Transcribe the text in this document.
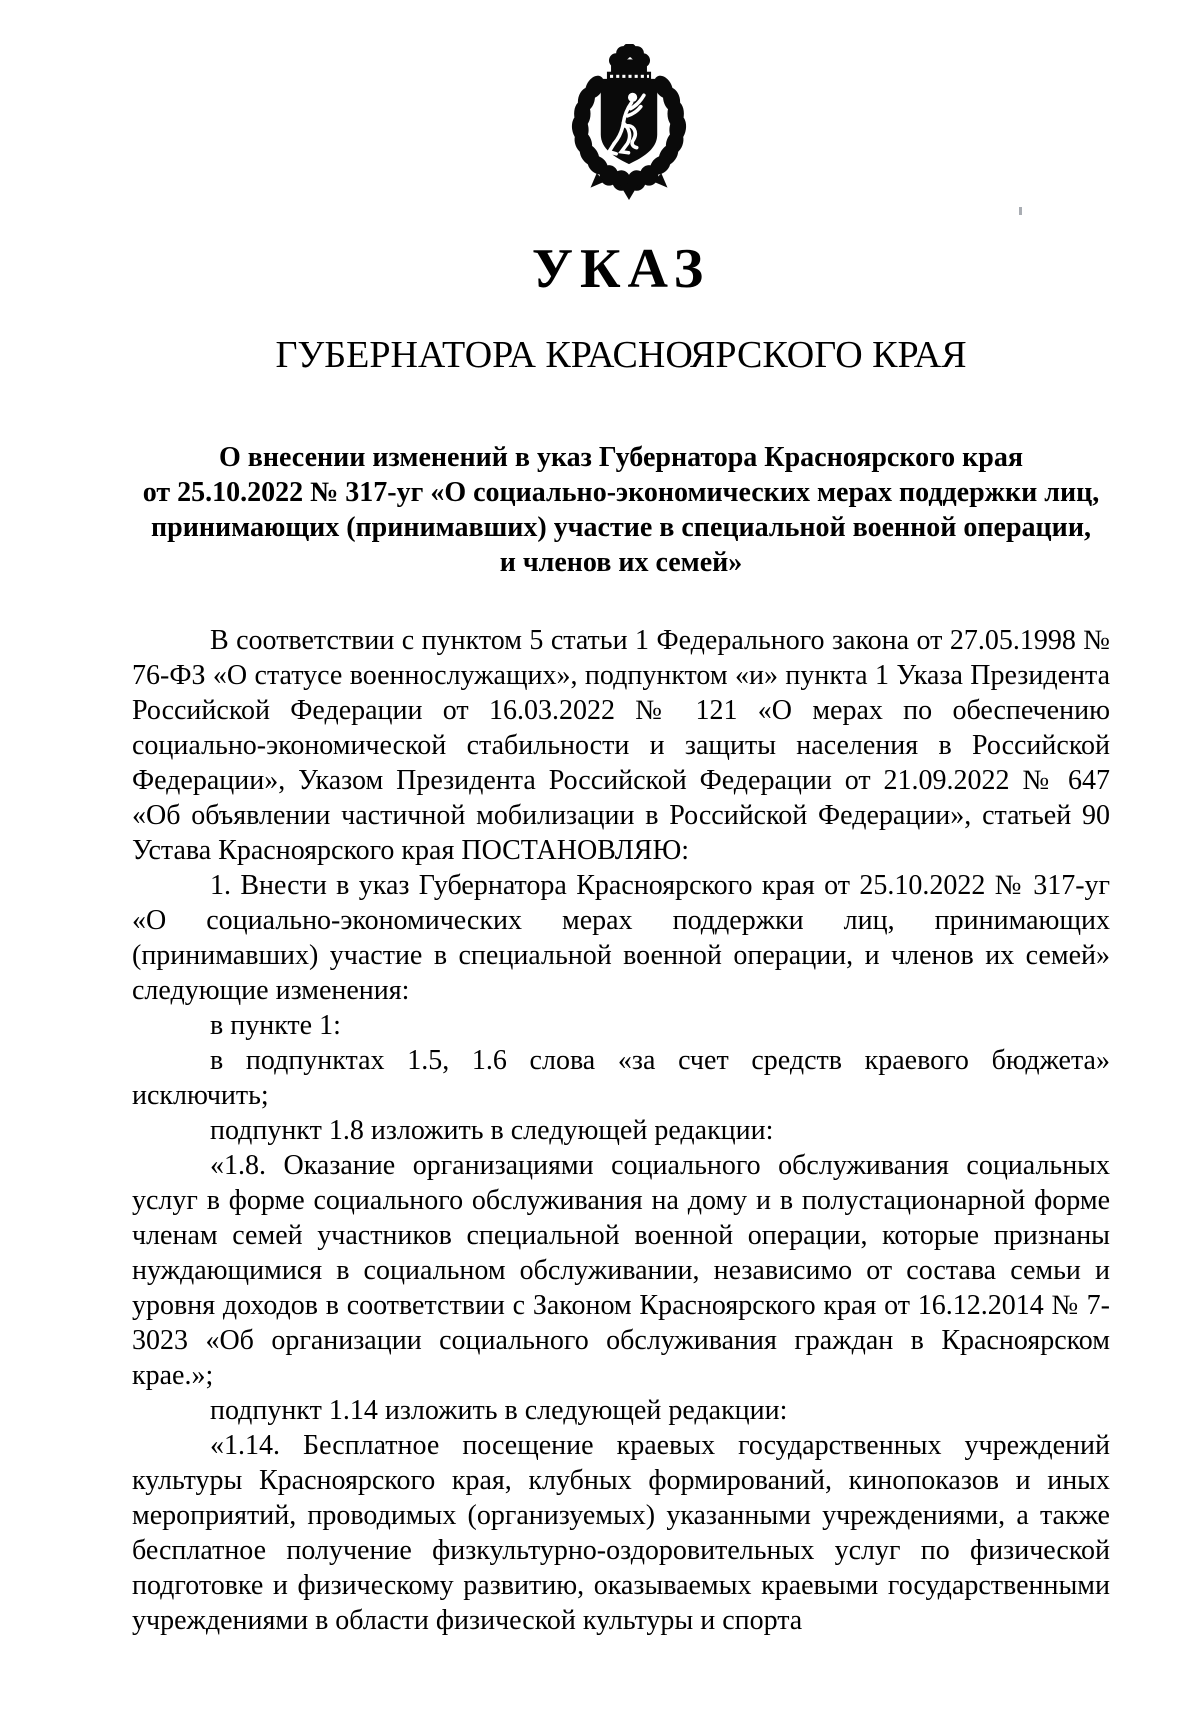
УКАЗ
ГУБЕРНАТОРА КРАСНОЯРСКОГО КРАЯ
О внесении изменений в указ Губернатора Красноярского края
от 25.10.2022 № 317-уг «О социально-экономических мерах поддержки лиц,
принимающих (принимавших) участие в специальной военной операции,
и членов их семей»

В соответствии с пунктом 5 статьи 1 Федерального закона от 27.05.1998 № 76-ФЗ «О статусе военнослужащих», подпунктом «и» пункта 1 Указа Президента Российской Федерации от 16.03.2022 № 121 «О мерах по обеспечению социально-экономической стабильности и защиты населения в Российской Федерации», Указом Президента Российской Федерации от 21.09.2022 № 647 «Об объявлении частичной мобилизации в Российской Федерации», статьей 90 Устава Красноярского края ПОСТАНОВЛЯЮ:

1. Внести в указ Губернатора Красноярского края от 25.10.2022 № 317-уг «О социально-экономических мерах поддержки лиц, принимающих (принимавших) участие в специальной военной операции, и членов их семей» следующие изменения:

в пункте 1:

в подпунктах 1.5, 1.6 слова «за счет средств краевого бюджета» исключить;

подпункт 1.8 изложить в следующей редакции:

«1.8. Оказание организациями социального обслуживания социальных услуг в форме социального обслуживания на дому и в полустационарной форме членам семей участников специальной военной операции, которые признаны нуждающимися в социальном обслуживании, независимо от состава семьи и уровня доходов в соответствии с Законом Красноярского края от 16.12.2014 № 7-3023 «Об организации социального обслуживания граждан в Красноярском крае.»;

подпункт 1.14 изложить в следующей редакции:

«1.14. Бесплатное посещение краевых государственных учреждений культуры Красноярского края, клубных формирований, кинопоказов и иных мероприятий, проводимых (организуемых) указанными учреждениями, а также бесплатное получение физкультурно-оздоровительных услуг по физической подготовке и физическому развитию, оказываемых краевыми государственными учреждениями в области физической культуры и спорта
